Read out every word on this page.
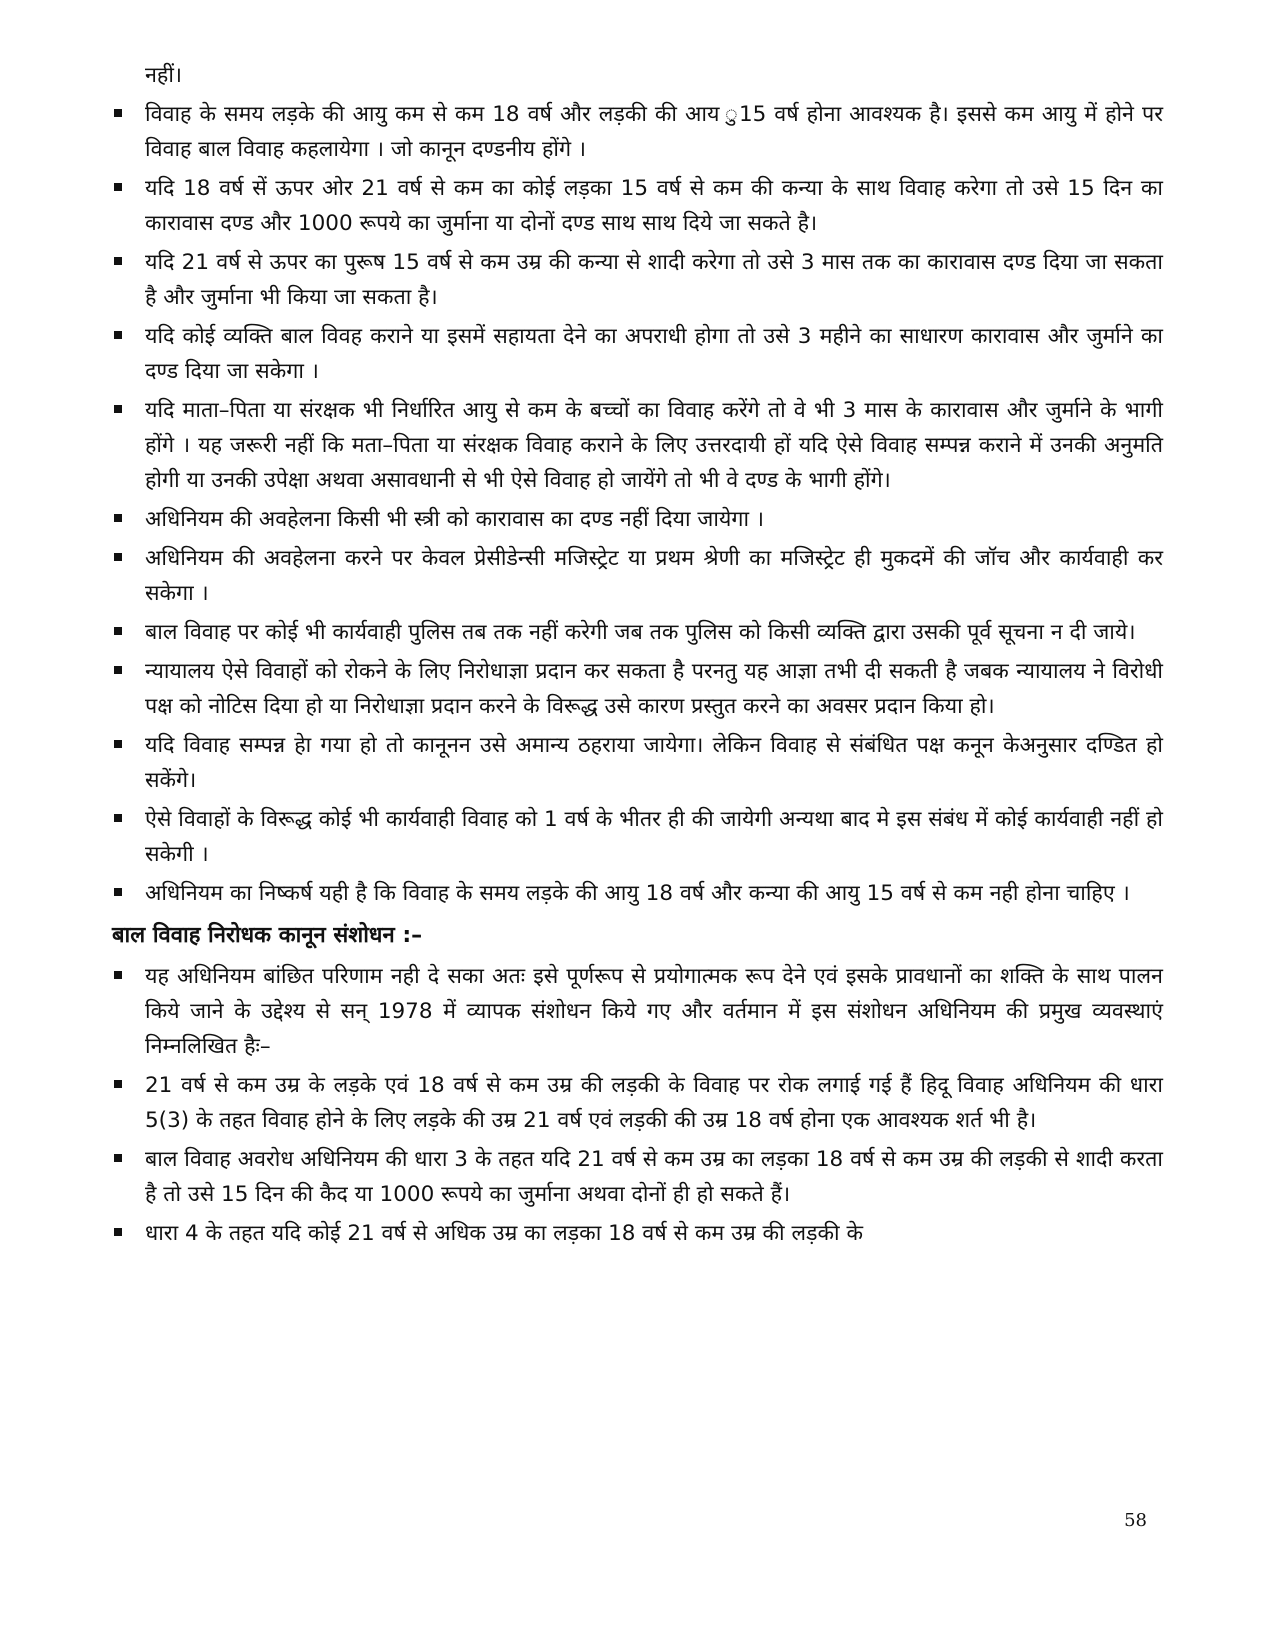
नहीं।
विवाह के समय लड़के की आयु कम से कम 18 वर्ष और लड़की की आय ु15 वर्ष होना आवश्यक है। इससे कम आयु में होने पर विवाह बाल विवाह कहलायेगा । जो कानून दण्डनीय होंगे ।
यदि 18 वर्ष सें ऊपर ओर 21 वर्ष से कम का कोई लड़का 15 वर्ष से कम की कन्या के साथ विवाह करेगा तो उसे 15 दिन का कारावास दण्ड और 1000 रूपये का जुर्माना या दोनों दण्ड साथ साथ दिये जा सकते है।
यदि 21 वर्ष से ऊपर का पुरूष 15 वर्ष से कम उम्र की कन्या से शादी करेगा तो उसे 3 मास तक का कारावास दण्ड दिया जा सकता है और जुर्माना भी किया जा सकता है।
यदि कोई व्यक्ति बाल विवह कराने या इसमें सहायता देने का अपराधी होगा तो उसे 3 महीने का साधारण कारावास और जुर्माने का दण्ड दिया जा सकेगा ।
यदि माता–पिता या संरक्षक भी निर्धारित आयु से कम के बच्चों का विवाह करेंगे तो वे भी 3 मास के कारावास और जुर्माने के भागी होंगे । यह जरूरी नहीं कि मता–पिता या संरक्षक विवाह कराने के लिए उत्तरदायी हों यदि ऐसे विवाह सम्पन्न कराने में उनकी अनुमति होगी या उनकी उपेक्षा अथवा असावधानी से भी ऐसे विवाह हो जायेंगे तो भी वे दण्ड के भागी होंगे।
अधिनियम की अवहेलना किसी भी स्त्री को कारावास का दण्ड नहीं दिया जायेगा ।
अधिनियम की अवहेलना करने पर केवल प्रेसीडेन्सी मजिस्ट्रेट या प्रथम श्रेणी का मजिस्ट्रेट ही मुकदमें की जॉच और कार्यवाही कर सकेगा ।
बाल विवाह पर कोई भी कार्यवाही पुलिस तब तक नहीं करेगी जब तक पुलिस को किसी व्यक्ति द्वारा उसकी पूर्व सूचना न दी जाये।
न्यायालय ऐसे विवाहों को रोकने के लिए निरोधाज्ञा प्रदान कर सकता है परनतु यह आज्ञा तभी दी सकती है जबक न्यायालय ने विरोधी पक्ष को नोटिस दिया हो या निरोधाज्ञा प्रदान करने के विरूद्ध उसे कारण प्रस्तुत करने का अवसर प्रदान किया हो।
यदि विवाह सम्पन्न हेा गया हो तो कानूनन उसे अमान्य ठहराया जायेगा। लेकिन विवाह से संबंधित पक्ष कनून केअनुसार दण्डित हो सकेंगे।
ऐसे विवाहों के विरूद्ध कोई भी कार्यवाही विवाह को 1 वर्ष के भीतर ही की जायेगी अन्यथा बाद मे इस संबंध में कोई कार्यवाही नहीं हो सकेगी ।
अधिनियम का निष्कर्ष यही है कि विवाह के समय लड़के की आयु 18 वर्ष और कन्या की आयु 15 वर्ष से कम नही होना चाहिए ।
बाल विवाह निरोधक कानून संशोधन :–
यह अधिनियम बांछित परिणाम नही दे सका अतः इसे पूर्णरूप से प्रयोगात्मक रूप देने एवं इसके प्रावधानों का शक्ति के साथ पालन किये जाने के उद्देश्य से सन् 1978 में व्यापक संशोधन किये गए और वर्तमान में इस संशोधन अधिनियम की प्रमुख व्यवस्थाएं निम्नलिखित हैः–
21 वर्ष से कम उम्र के लड़के एवं 18 वर्ष से कम उम्र की लड़की के विवाह पर रोक लगाई गई हैं हिदू विवाह अधिनियम की धारा 5(3) के तहत विवाह होने के लिए लड़के की उम्र 21 वर्ष एवं लड़की की उम्र 18 वर्ष होना एक आवश्यक शर्त भी है।
बाल विवाह अवरोध अधिनियम की धारा 3 के तहत यदि 21 वर्ष से कम उम्र का लड़का 18 वर्ष से कम उम्र की लड़की से शादी करता है तो उसे 15 दिन की कैद या 1000 रूपये का जुर्माना अथवा दोनों ही हो सकते हैं।
धारा 4 के तहत यदि कोई 21 वर्ष से अधिक उम्र का लड़का 18 वर्ष से कम उम्र की लड़की के
58
